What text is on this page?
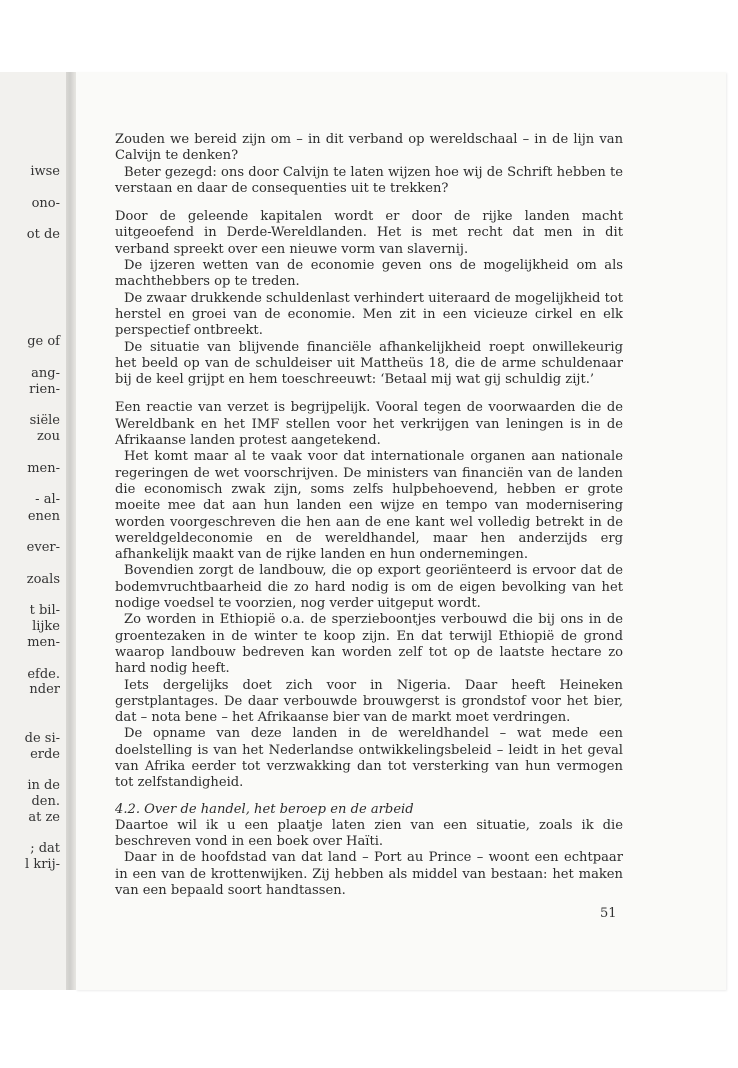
iwse
ono-
ot de
ge of
ang-
rien-
siële
zou
men-
- al-
enen
ever-
zoals
t bil-
lijke
men-
efde.
nder
de si-
erde
in de
den.
at ze
; dat
l krij-

Zouden we bereid zijn om – in dit verband op wereldschaal – in de lijn van Calvijn te denken?

Beter gezegd: ons door Calvijn te laten wijzen hoe wij de Schrift hebben te verstaan en daar de consequenties uit te trekken?

Door de geleende kapitalen wordt er door de rijke landen macht uitgeoefend in Derde-Wereldlanden. Het is met recht dat men in dit verband spreekt over een nieuwe vorm van slavernij.

De ijzeren wetten van de economie geven ons de mogelijkheid om als machthebbers op te treden.

De zwaar drukkende schuldenlast verhindert uiteraard de mogelijkheid tot herstel en groei van de economie. Men zit in een vicieuze cirkel en elk perspectief ontbreekt.

De situatie van blijvende financiële afhankelijkheid roept onwillekeurig het beeld op van de schuldeiser uit Mattheüs 18, die de arme schuldenaar bij de keel grijpt en hem toeschreeuwt: ‘Betaal mij wat gij schuldig zijt.’

Een reactie van verzet is begrijpelijk. Vooral tegen de voorwaarden die de Wereldbank en het IMF stellen voor het verkrijgen van leningen is in de Afrikaanse landen protest aangetekend.

Het komt maar al te vaak voor dat internationale organen aan nationale regeringen de wet voorschrijven. De ministers van financiën van de landen die economisch zwak zijn, soms zelfs hulpbehoevend, hebben er grote moeite mee dat aan hun landen een wijze en tempo van modernisering worden voorgeschreven die hen aan de ene kant wel volledig betrekt in de wereldgeldeconomie en de wereldhandel, maar hen anderzijds erg afhankelijk maakt van de rijke landen en hun ondernemingen.

Bovendien zorgt de landbouw, die op export georiënteerd is ervoor dat de bodemvruchtbaarheid die zo hard nodig is om de eigen bevolking van het nodige voedsel te voorzien, nog verder uitgeput wordt.

Zo worden in Ethiopië o.a. de sperzieboontjes verbouwd die bij ons in de groentezaken in de winter te koop zijn. En dat terwijl Ethiopië de grond waarop landbouw bedreven kan worden zelf tot op de laatste hectare zo hard nodig heeft.

Iets dergelijks doet zich voor in Nigeria. Daar heeft Heineken gerstplantages. De daar verbouwde brouwgerst is grondstof voor het bier, dat – nota bene – het Afrikaanse bier van de markt moet verdringen.

De opname van deze landen in de wereldhandel – wat mede een doelstelling is van het Nederlandse ontwikkelingsbeleid – leidt in het geval van Afrika eerder tot verzwakking dan tot versterking van hun vermogen tot zelfstandigheid.

4.2. Over de handel, het beroep en de arbeid

Daartoe wil ik u een plaatje laten zien van een situatie, zoals ik die beschreven vond in een boek over Haïti.

Daar in de hoofdstad van dat land – Port au Prince – woont een echtpaar in een van de krottenwijken. Zij hebben als middel van bestaan: het maken van een bepaald soort handtassen.

51
